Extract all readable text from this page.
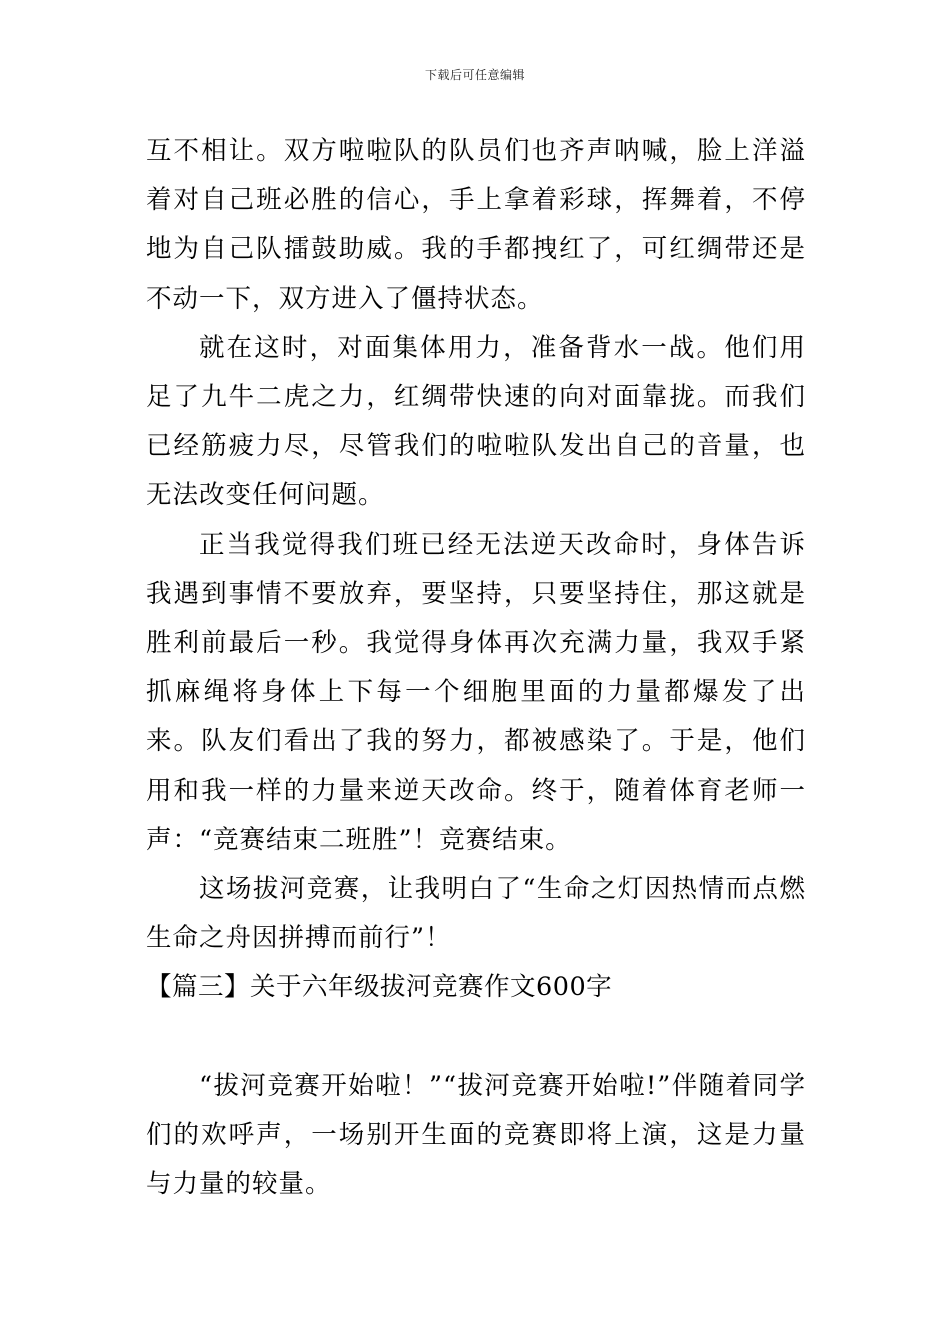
下载后可任意编辑

互不相让。双方啦啦队的队员们也齐声呐喊，脸上洋溢着对自己班必胜的信心，手上拿着彩球，挥舞着，不停地为自己队擂鼓助威。我的手都拽红了，可红绸带还是不动一下，双方进入了僵持状态。

就在这时，对面集体用力，准备背水一战。他们用足了九牛二虎之力，红绸带快速的向对面靠拢。而我们已经筋疲力尽，尽管我们的啦啦队发出自己的音量，也无法改变任何问题。

正当我觉得我们班已经无法逆天改命时，身体告诉我遇到事情不要放弃，要坚持，只要坚持住，那这就是胜利前最后一秒。我觉得身体再次充满力量，我双手紧抓麻绳将身体上下每一个细胞里面的力量都爆发了出来。队友们看出了我的努力，都被感染了。于是，他们用和我一样的力量来逆天改命。终于，随着体育老师一声：“竞赛结束二班胜”！竞赛结束。

这场拔河竞赛，让我明白了“生命之灯因热情而点燃生命之舟因拼搏而前行”！

【篇三】关于六年级拔河竞赛作文600字

“拔河竞赛开始啦！”“拔河竞赛开始啦!”伴随着同学们的欢呼声，一场别开生面的竞赛即将上演，这是力量与力量的较量。
